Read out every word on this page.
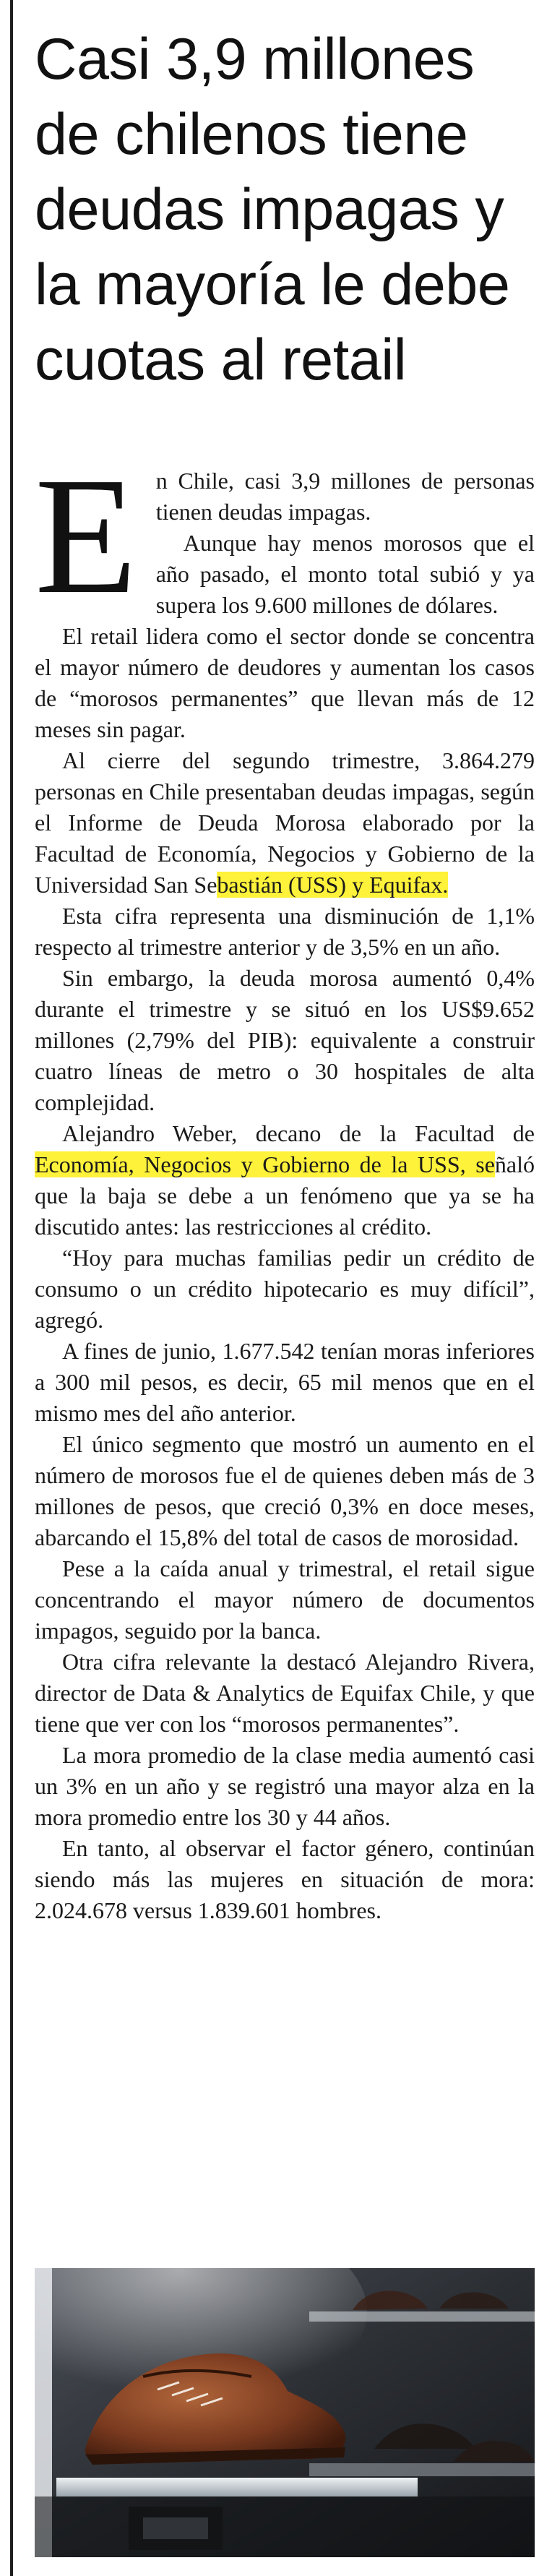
Casi 3,9 millones de chilenos tiene deudas impagas y la mayoría le debe cuotas al retail

En Chile, casi 3,9 millones de personas tienen deudas impagas.

Aunque hay menos morosos que el año pasado, el monto total subió y ya supera los 9.600 millones de dólares.

El retail lidera como el sector donde se concentra el mayor número de deudores y aumentan los casos de “morosos permanentes” que llevan más de 12 meses sin pagar.

Al cierre del segundo trimestre, 3.864.279 personas en Chile presentaban deudas impagas, según el Informe de Deuda Morosa elaborado por la Facultad de Economía, Negocios y Gobierno de la Universidad San Sebastián (USS) y Equifax.

Esta cifra representa una disminución de 1,1% respecto al trimestre anterior y de 3,5% en un año.

Sin embargo, la deuda morosa aumentó 0,4% durante el trimestre y se situó en los US$9.652 millones (2,79% del PIB): equivalente a construir cuatro líneas de metro o 30 hospitales de alta complejidad.

Alejandro Weber, decano de la Facultad de Economía, Negocios y Gobierno de la USS, señaló que la baja se debe a un fenómeno que ya se ha discutido antes: las restricciones al crédito.

“Hoy para muchas familias pedir un crédito de consumo o un crédito hipotecario es muy difícil”, agregó.

A fines de junio, 1.677.542 tenían moras inferiores a 300 mil pesos, es decir, 65 mil menos que en el mismo mes del año anterior.

El único segmento que mostró un aumento en el número de morosos fue el de quienes deben más de 3 millones de pesos, que creció 0,3% en doce meses, abarcando el 15,8% del total de casos de morosidad.

Pese a la caída anual y trimestral, el retail sigue concentrando el mayor número de documentos impagos, seguido por la banca.

Otra cifra relevante la destacó Alejandro Rivera, director de Data & Analytics de Equifax Chile, y que tiene que ver con los “morosos permanentes”.

La mora promedio de la clase media aumentó casi un 3% en un año y se registró una mayor alza en la mora promedio entre los 30 y 44 años.

En tanto, al observar el factor género, continúan siendo más las mujeres en situación de mora: 2.024.678 versus 1.839.601 hombres.
